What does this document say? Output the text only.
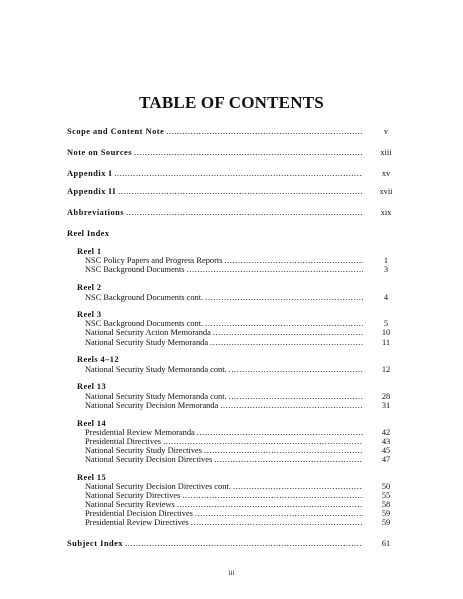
TABLE OF CONTENTS
Scope and Content Note .....	v
Note on Sources .....	xiii
Appendix I .....	xv
Appendix II .....	xvii
Abbreviations .....	xix
Reel Index
Reel 1
NSC Policy Papers and Progress Reports .....	1
NSC Background Documents .....	3
Reel 2
NSC Background Documents cont. .....	4
Reel 3
NSC Background Documents cont. .....	5
National Security Action Memoranda .....	10
National Security Study Memoranda .....	11
Reels 4–12
National Security Study Memoranda cont. .....	12
Reel 13
National Security Study Memoranda cont. .....	28
National Security Decision Memoranda .....	31
Reel 14
Presidential Review Memoranda .....	42
Presidential Directives .....	43
National Security Study Directives .....	45
National Security Decision Directives .....	47
Reel 15
National Security Decision Directives cont. .....	50
National Security Directives .....	55
National Security Reviews .....	58
Presidential Decision Directives .....	59
Presidential Review Directives .....	59
Subject Index .....	61
iii
